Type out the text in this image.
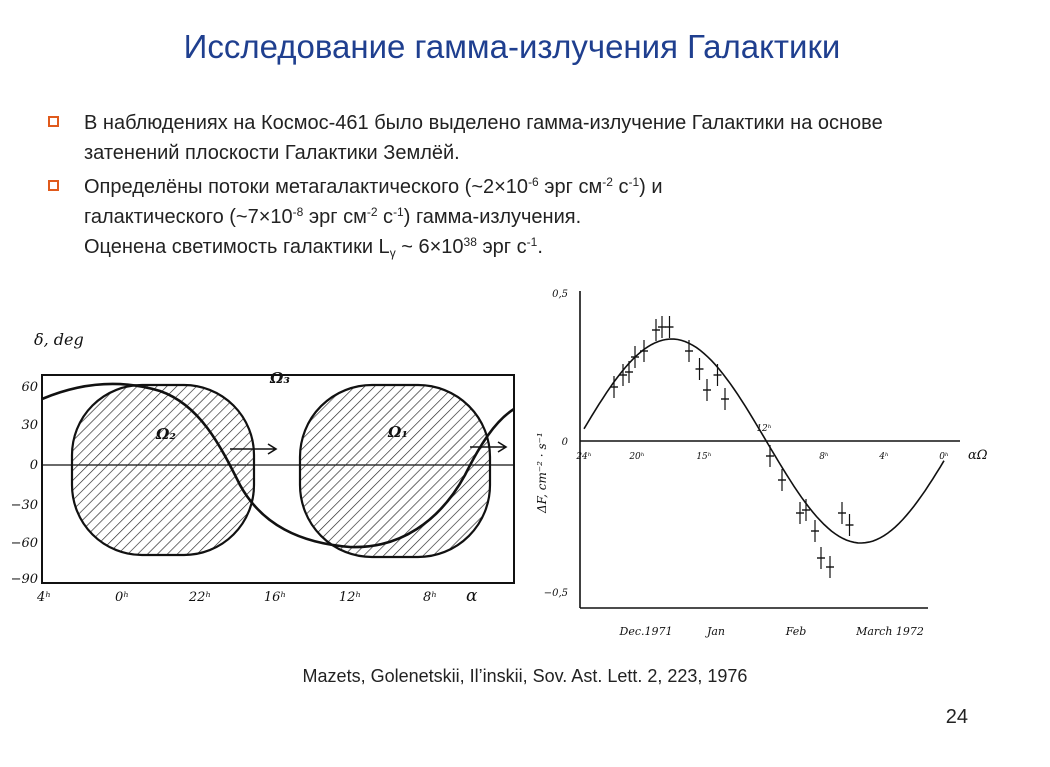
Исследование гамма-излучения Галактики
В наблюдениях на Космос-461 было выделено гамма-излучение Галактики на основе затенений плоскости Галактики Землёй.
Определёны потоки метагалактического ($\sim 2\times 10^{-6}$ эрг $см^{-2}$ $с^{-1}$) и
галактического ($\sim 7\times 10^{-8}$ эрг $см^{-2}$ $с^{-1}$) гамма-излучения.
Оценена светимость галактики $L_\gamma$ ~ $6\times 10^{38}$ эрг $с^{-1}$.
δ, deg
60
30
0
−30
−60
−90
4ʰ	0ʰ	22ʰ	16ʰ	12ʰ	8ʰ α
Ω₃
Ω₂	Ω₁
ΔF, cm⁻² · s⁻¹
0,5
0
−0,5
24ʰ	20ʰ	15ʰ
12ʰ
8ʰ	4ʰ	0ʰ αΩ
Dec.1971	Jan	Feb	March 1972
Mazets, Golenetskii, Il’inskii, Sov. Ast. Lett. 2, 223, 1976
24
